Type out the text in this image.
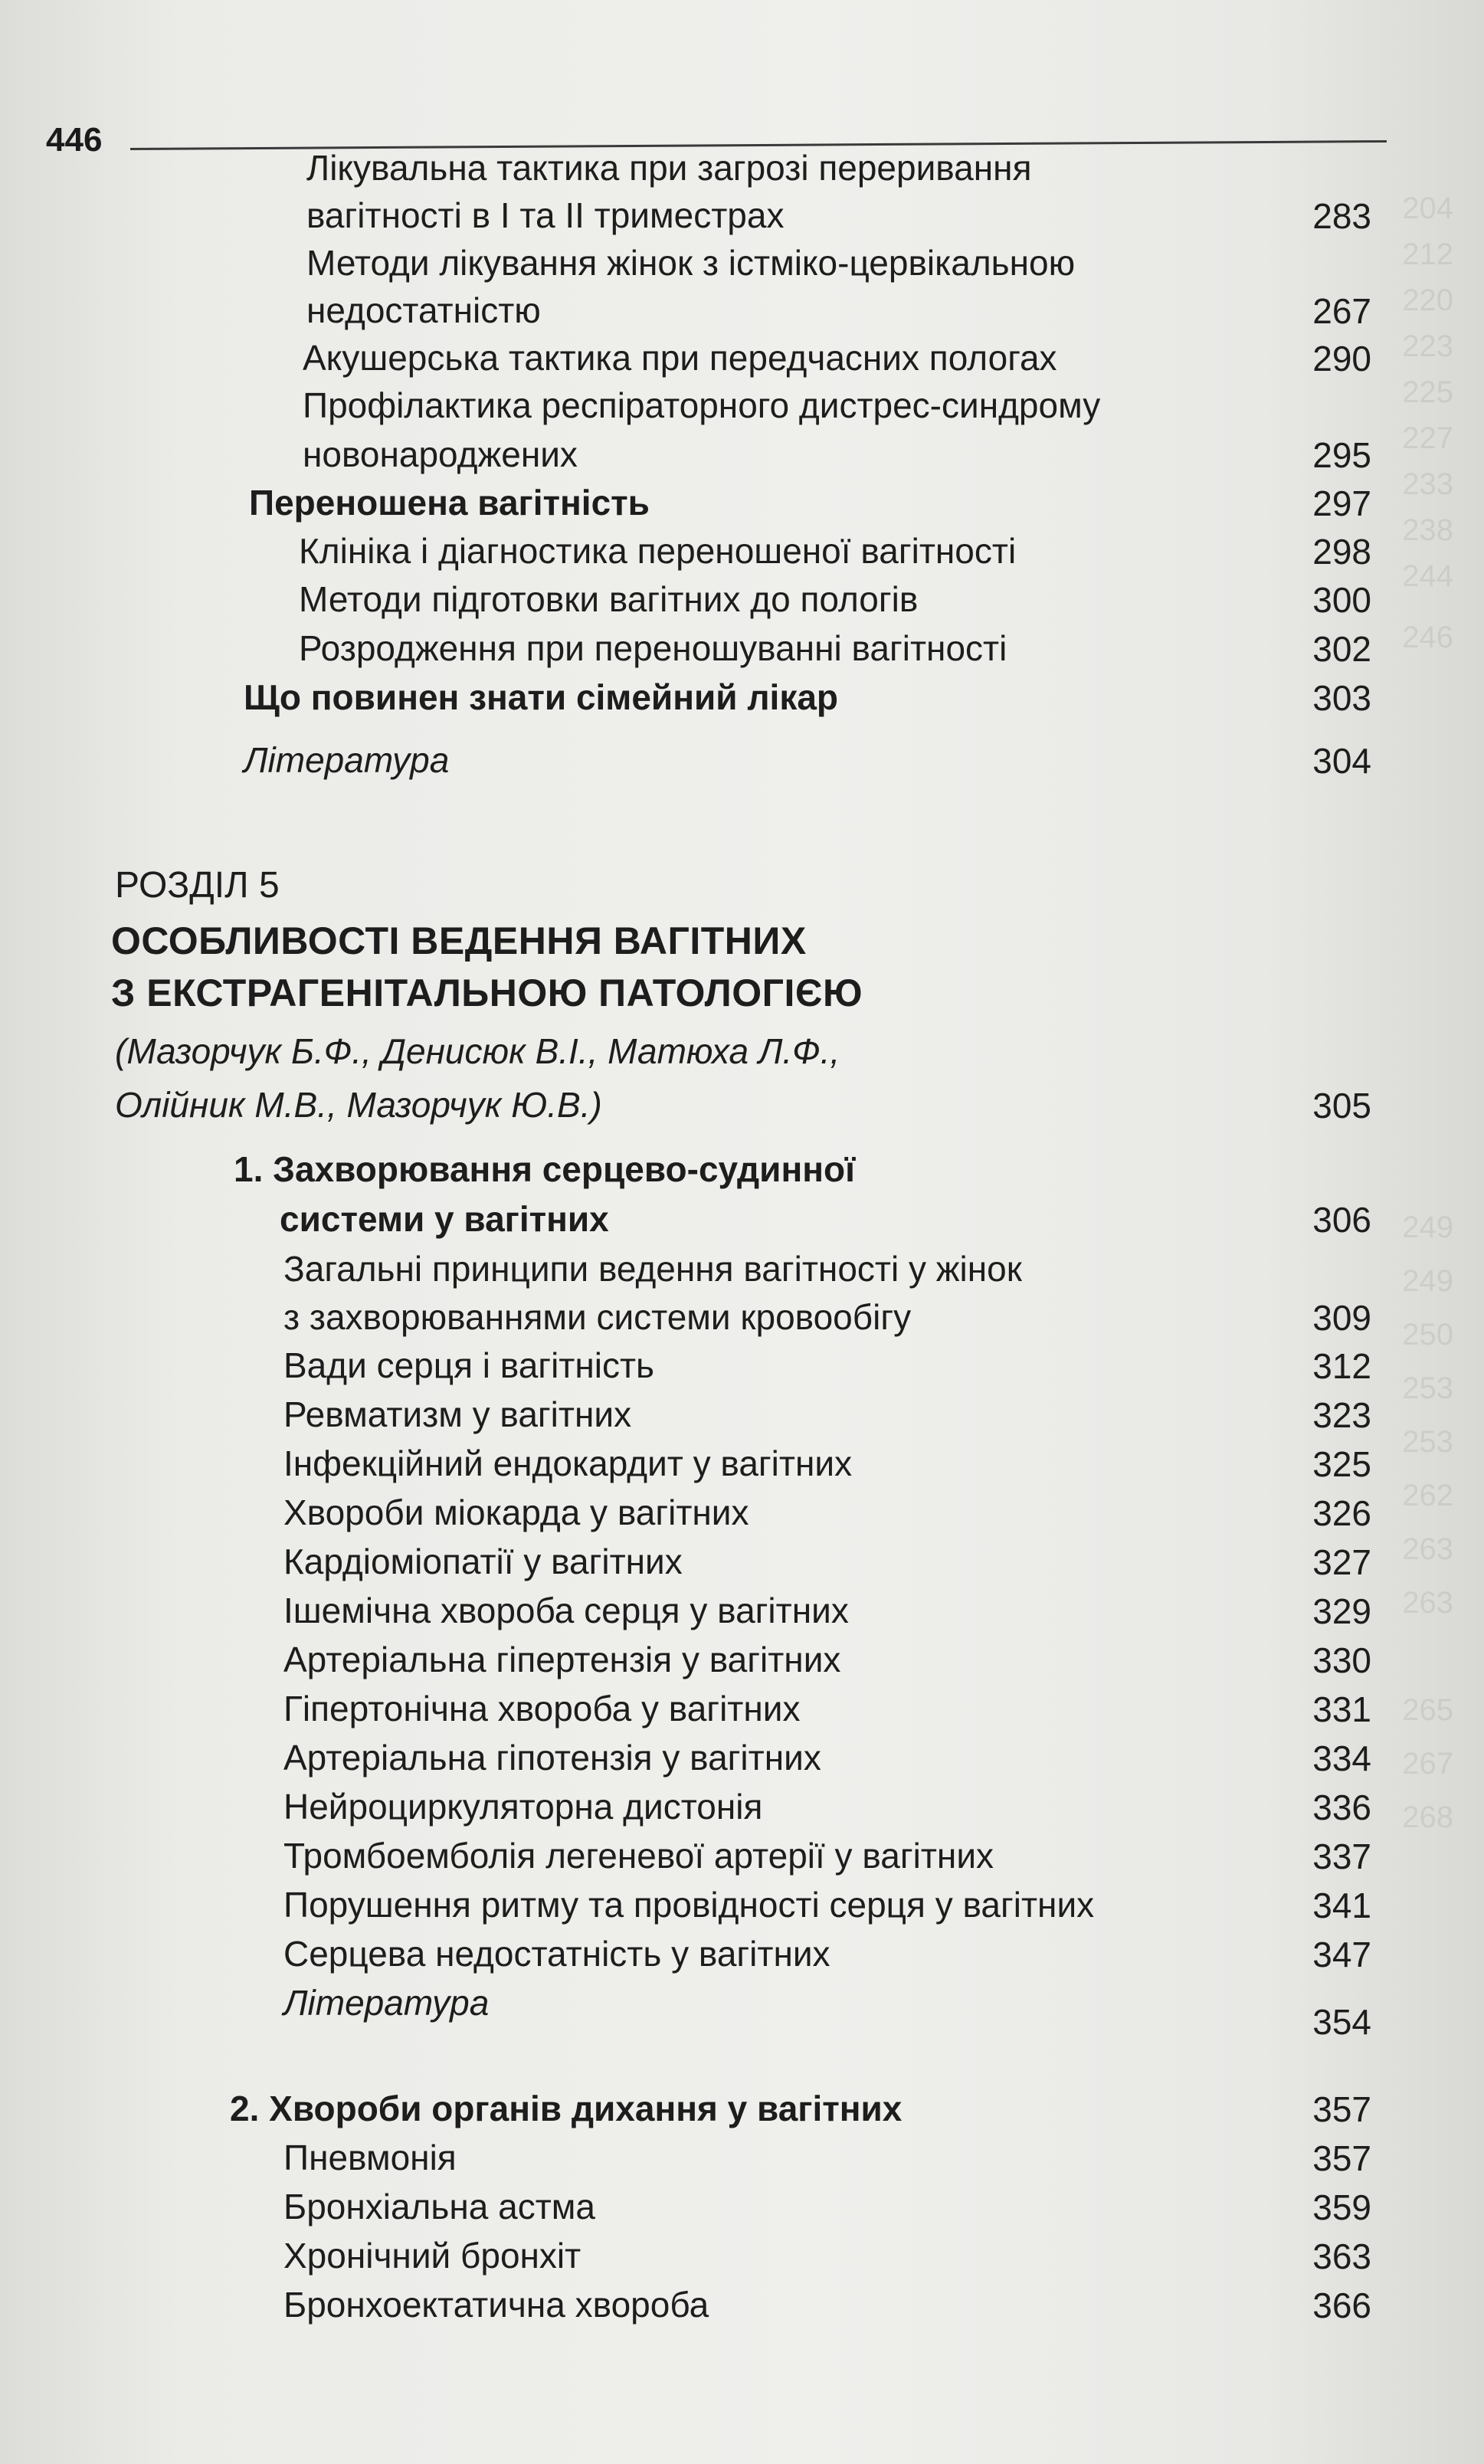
204
212
220
223
225
227
233
238
244
246
249
249
250
253
253
262
263
263
265
267
268
446
Лікувальна тактика при загрозі переривання
вагітності в І та ІІ триместрах	283
Методи лікування жінок з істміко-цервікальною
недостатністю	267
Акушерська тактика при передчасних пологах	290
Профілактика респіраторного дистрес-синдрому
новонароджених	295
Переношена вагітність	297
Клініка і діагностика переношеної вагітності	298
Методи підготовки вагітних до пологів	300
Розродження при переношуванні вагітності	302
Що повинен знати сімейний лікар	303
Література	304
РОЗДІЛ 5
ОСОБЛИВОСТІ ВЕДЕННЯ ВАГІТНИХ
З ЕКСТРАГЕНІТАЛЬНОЮ ПАТОЛОГІЄЮ
(Мазорчук Б.Ф., Денисюк В.І., Матюха Л.Ф.,
Олійник М.В., Мазорчук Ю.В.)	305
1. Захворювання серцево-судинної
системи у вагітних	306
Загальні принципи ведення вагітності у жінок
з захворюваннями системи кровообігу	309
Вади серця і вагітність	312
Ревматизм у вагітних	323
Інфекційний ендокардит у вагітних	325
Хвороби міокарда у вагітних	326
Кардіоміопатії у вагітних	327
Ішемічна хвороба серця у вагітних	329
Артеріальна гіпертензія у вагітних	330
Гіпертонічна хвороба у вагітних	331
Артеріальна гіпотензія у вагітних	334
Нейроциркуляторна дистонія	336
Тромбоемболія легеневої артерії у вагітних	337
Порушення ритму та провідності серця у вагітних	341
Серцева недостатність у вагітних	347
Література	354
2. Хвороби органів дихання у вагітних	357
Пневмонія	357
Бронхіальна астма	359
Хронічний бронхіт	363
Бронхоектатична хвороба	366
